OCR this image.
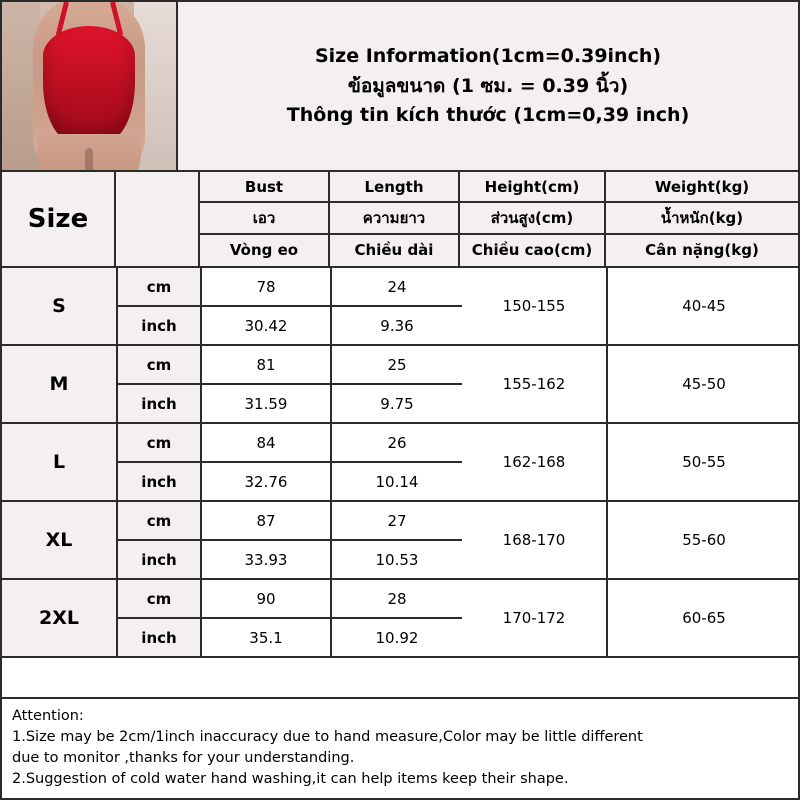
Size Information(1cm=0.39inch)
ข้อมูลขนาด (1 ซม. = 0.39 นิ้ว)
Thông tin kích thước (1cm=0,39 inch)
Size
Bust
เอว
Vòng eo
Length
ความยาว
Chiều dài
Height(cm)
ส่วนสูง(cm)
Chiều cao(cm)
Weight(kg)
น้ำหนัก(kg)
Cân nặng(kg)
S
cm	78	24
inch	30.42	9.36
150-155	40-45
M
cm	81	25
inch	31.59	9.75
155-162	45-50
L
cm	84	26
inch	32.76	10.14
162-168	50-55
XL
cm	87	27
inch	33.93	10.53
168-170	55-60
2XL
cm	90	28
inch	35.1	10.92
170-172	60-65

Attention:

1.Size may be 2cm/1inch inaccuracy due to hand measure,Color may be little different

due to monitor ,thanks for your understanding.

2.Suggestion of cold water hand washing,it can help items keep their shape.
